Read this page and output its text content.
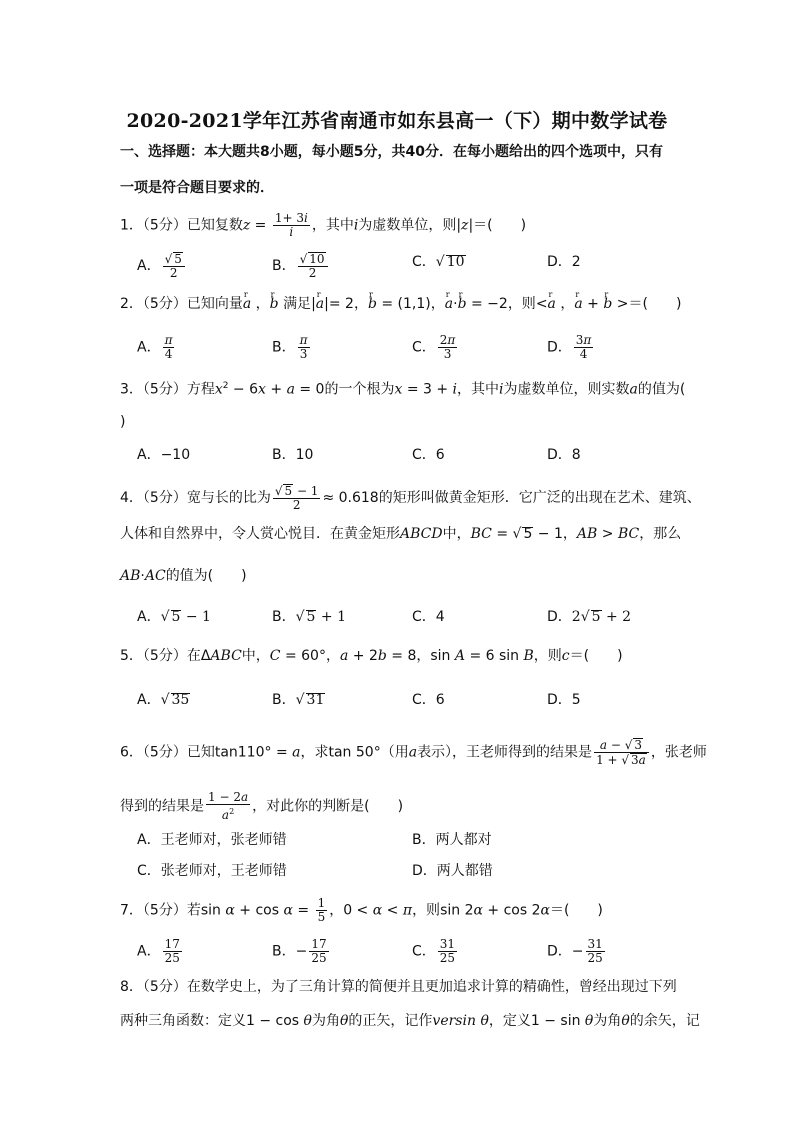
2020-2021学年江苏省南通市如东县高一（下）期中数学试卷
一、选择题：本大题共8小题，每小题5分，共40分．在每小题给出的四个选项中，只有
一项是符合题目要求的．
1．（5分）已知复数$z = \frac{1+ 3i}{i}$ ，其中i为虚数单位，则|z|＝(　　)
A． $\frac{√ 5}{2}$	B． $\frac{√ 10}{2}$	C．√ 10	D．2
2．（5分）已知向量r a ，r b 满足|r a|= 2，r b = (1,1)，r a·r b = −2，则<r a ，r a + r b >＝(　　)
A． $\frac{\pi}{4}$	B． $\frac{\pi}{3}$	C． $\frac{2\pi}{3}$	D． $\frac{3\pi}{4}$
3．（5分）方程$x^2 - 6x + a = 0$的一个根为x = 3 + i，其中i为虚数单位，则实数a的值为(
)
A．−10	B．10	C．6	D．8
4．（5分）宽与长的比为 $\frac{√ 5 - 1}{2} \approx 0.618$的矩形叫做黄金矩形．它广泛的出现在艺术、建筑、
人体和自然界中，令人赏心悦目．在黄金矩形ABCD中，BC = √ 5 − 1，AB > BC，那么
AB·AC的值为(　　)
A．√ 5 − 1	B．√ 5 + 1	C．4	D．2√ 5 + 2
5．（5分）在ΔABC中，C = 60°，a + 2b = 8，sin A = 6 sin B，则c＝(　　)
A．√ 35	B．√ 31	C．6	D．5
6．（5分）已知tan110° = a，求tan 50°（用a表示），王老师得到的结果是 $\frac{a - √ 3}{1 + √ 3a}$ ，张老师
得到的结果是 $\frac{1 - 2a}{a^2}$ ，对此你的判断是(　　)
A．王老师对，张老师错	B．两人都对
C．张老师对，王老师错	D．两人都错
7．（5分）若$\sin \alpha + \cos \alpha = \frac{1}{5}$ ，0 < α < π，则sin 2α + cos 2α＝(　　)
A． $\frac{17}{25}$	B．− $\frac{17}{25}$	C． $\frac{31}{25}$	D．− $\frac{31}{25}$
8．（5分）在数学史上，为了三角计算的简便并且更加追求计算的精确性，曾经出现过下列
两种三角函数：定义1 − cos θ为角θ的正矢，记作versin θ，定义1 − sin θ为角θ的余矢，记
